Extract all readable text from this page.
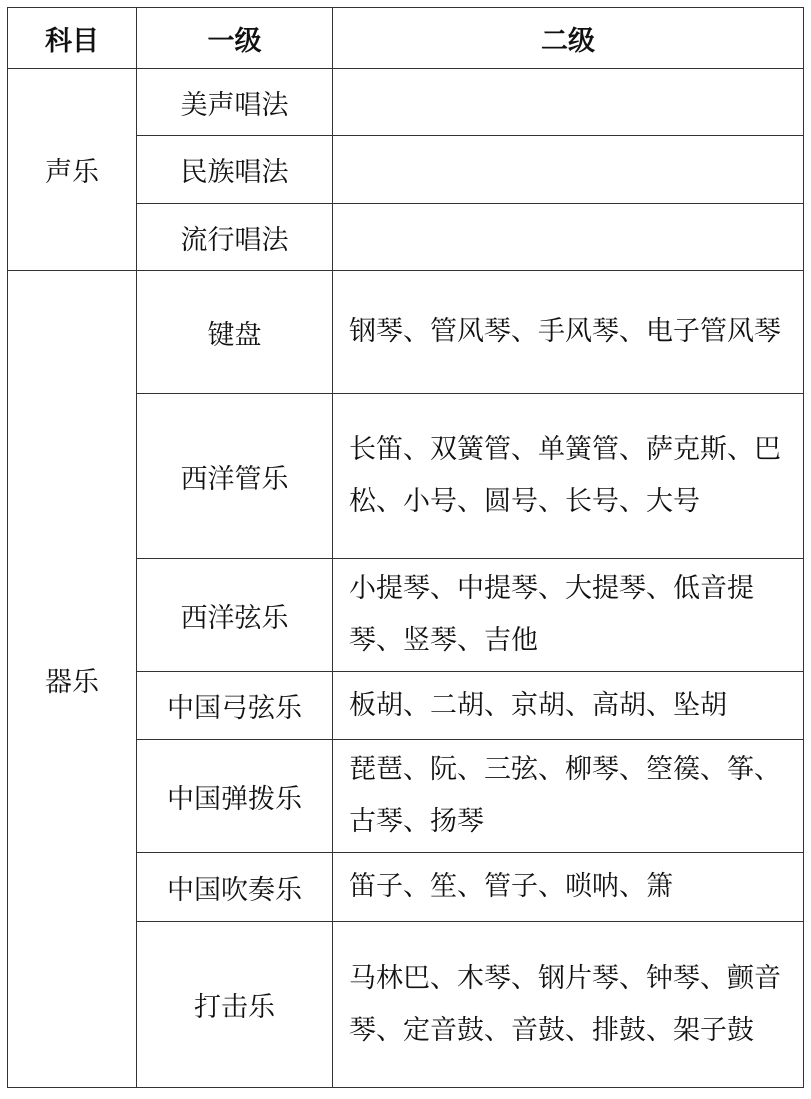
科目	一级	二级
声乐	美声唱法	

	民族唱法	

	流行唱法	

器乐	键盘	钢琴、管风琴、手风琴、电子管风琴

	西洋管乐	长笛、双簧管、单簧管、萨克斯、巴松、小号、圆号、长号、大号

	西洋弦乐	小提琴、中提琴、大提琴、低音提琴、竖琴、吉他

	中国弓弦乐	板胡、二胡、京胡、高胡、坠胡

	中国弹拨乐	琵琶、阮、三弦、柳琴、箜篌、筝、古琴、扬琴

	中国吹奏乐	笛子、笙、管子、唢呐、箫

	打击乐	马林巴、木琴、钢片琴、钟琴、颤音琴、定音鼓、音鼓、排鼓、架子鼓
